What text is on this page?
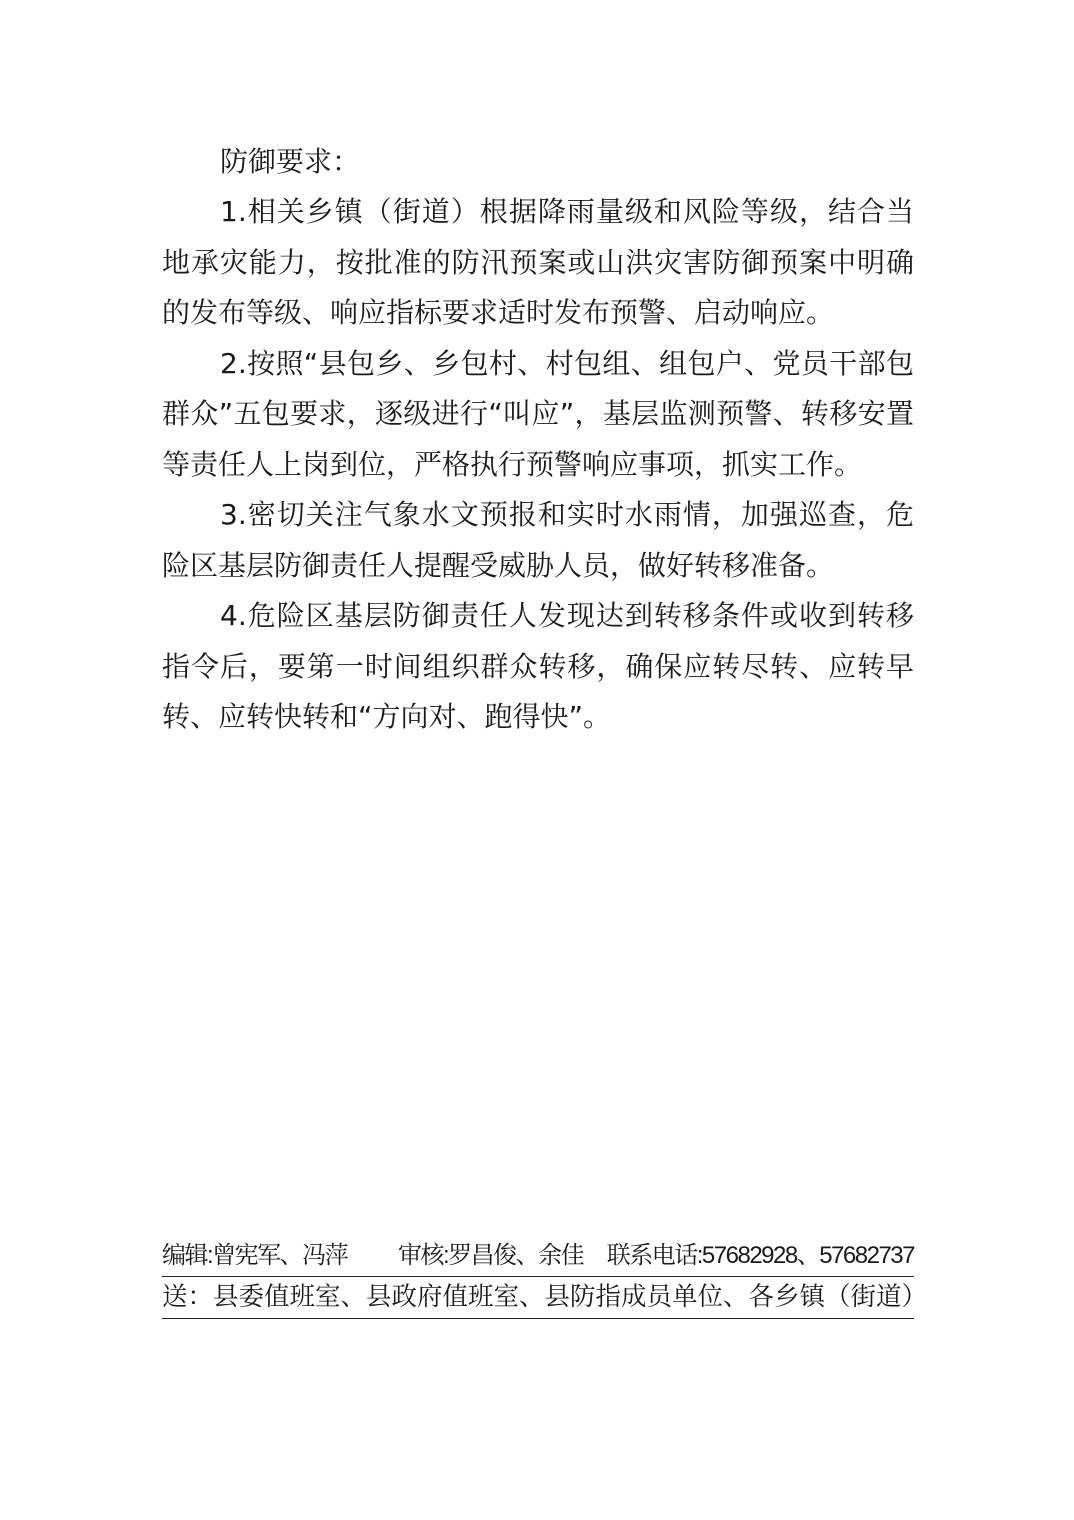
防御要求：

1.相关乡镇（街道）根据降雨量级和风险等级，结合当地承灾能力，按批准的防汛预案或山洪灾害防御预案中明确的发布等级、响应指标要求适时发布预警、启动响应。

2.按照“县包乡、乡包村、村包组、组包户、党员干部包群众”五包要求，逐级进行“叫应”，基层监测预警、转移安置等责任人上岗到位，严格执行预警响应事项，抓实工作。

3.密切关注气象水文预报和实时水雨情，加强巡查，危险区基层防御责任人提醒受威胁人员，做好转移准备。

4.危险区基层防御责任人发现达到转移条件或收到转移指令后，要第一时间组织群众转移，确保应转尽转、应转早转、应转快转和“方向对、跑得快”。

编辑:曾宪军、冯萍 审核:罗昌俊、余佳 联系电话:57682928、57682737
送：县委值班室、县政府值班室、县防指成员单位、各乡镇（街道）
